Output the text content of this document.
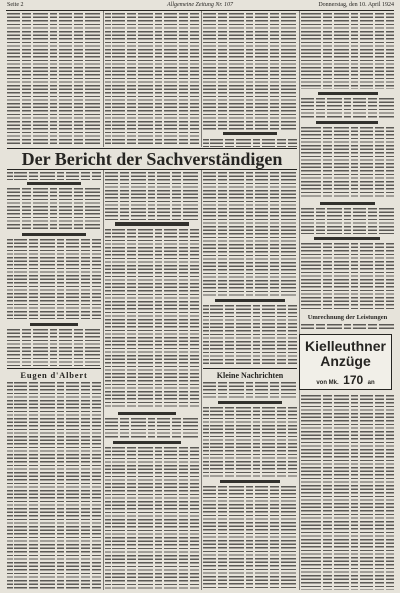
Seite 2	Allgemeine Zeitung Nr. 107	Donnerstag, den 10. April 1924
Der Bericht der Sachverständigen
Eugen d'Albert	Kleine Nachrichten
Umrechnung der Leistungen
Kielleuthner
Anzüge
von Mk. 170 an
